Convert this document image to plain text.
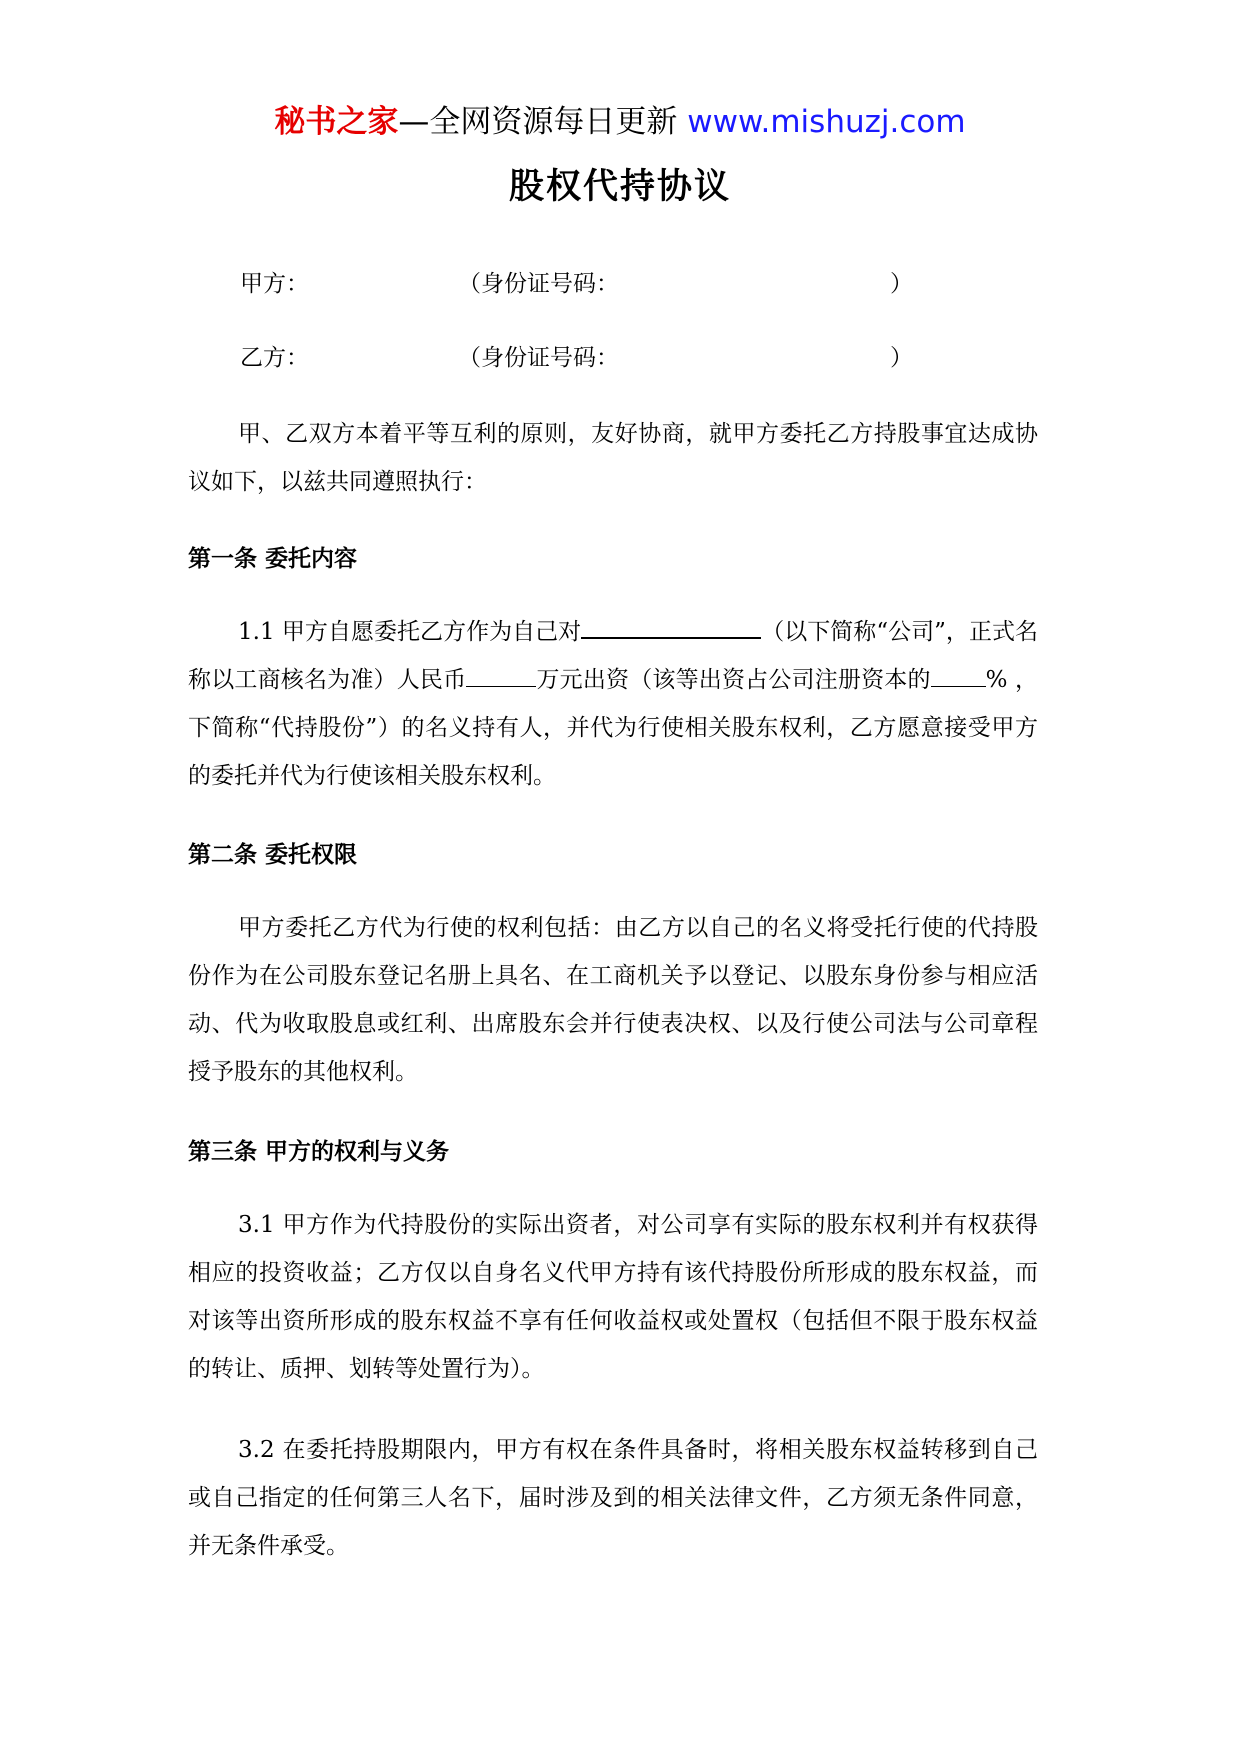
秘书之家—全网资源每日更新 www.mishuzj.com
股权代持协议
甲方：	（身份证号码：	）
乙方：	（身份证号码：	）
甲、乙双方本着平等互利的原则，友好协商，就甲方委托乙方持股事宜达成协议如下，以兹共同遵照执行：
第一条 委托内容
1.1 甲方自愿委托乙方作为自己对	（以下简称“公司”，正式名称以工商核名为准）人民币	万元出资（该等出资占公司注册资本的 % ，下简称“代持股份”）的名义持有人，并代为行使相关股东权利，乙方愿意接受甲方的委托并代为行使该相关股东权利。
第二条 委托权限
甲方委托乙方代为行使的权利包括：由乙方以自己的名义将受托行使的代持股份作为在公司股东登记名册上具名、在工商机关予以登记、以股东身份参与相应活动、代为收取股息或红利、出席股东会并行使表决权、以及行使公司法与公司章程授予股东的其他权利。
第三条 甲方的权利与义务
3.1 甲方作为代持股份的实际出资者，对公司享有实际的股东权利并有权获得相应的投资收益；乙方仅以自身名义代甲方持有该代持股份所形成的股东权益，而对该等出资所形成的股东权益不享有任何收益权或处置权（包括但不限于股东权益的转让、质押、划转等处置行为）。
3.2 在委托持股期限内，甲方有权在条件具备时，将相关股东权益转移到自己或自己指定的任何第三人名下，届时涉及到的相关法律文件，乙方须无条件同意，并无条件承受。
